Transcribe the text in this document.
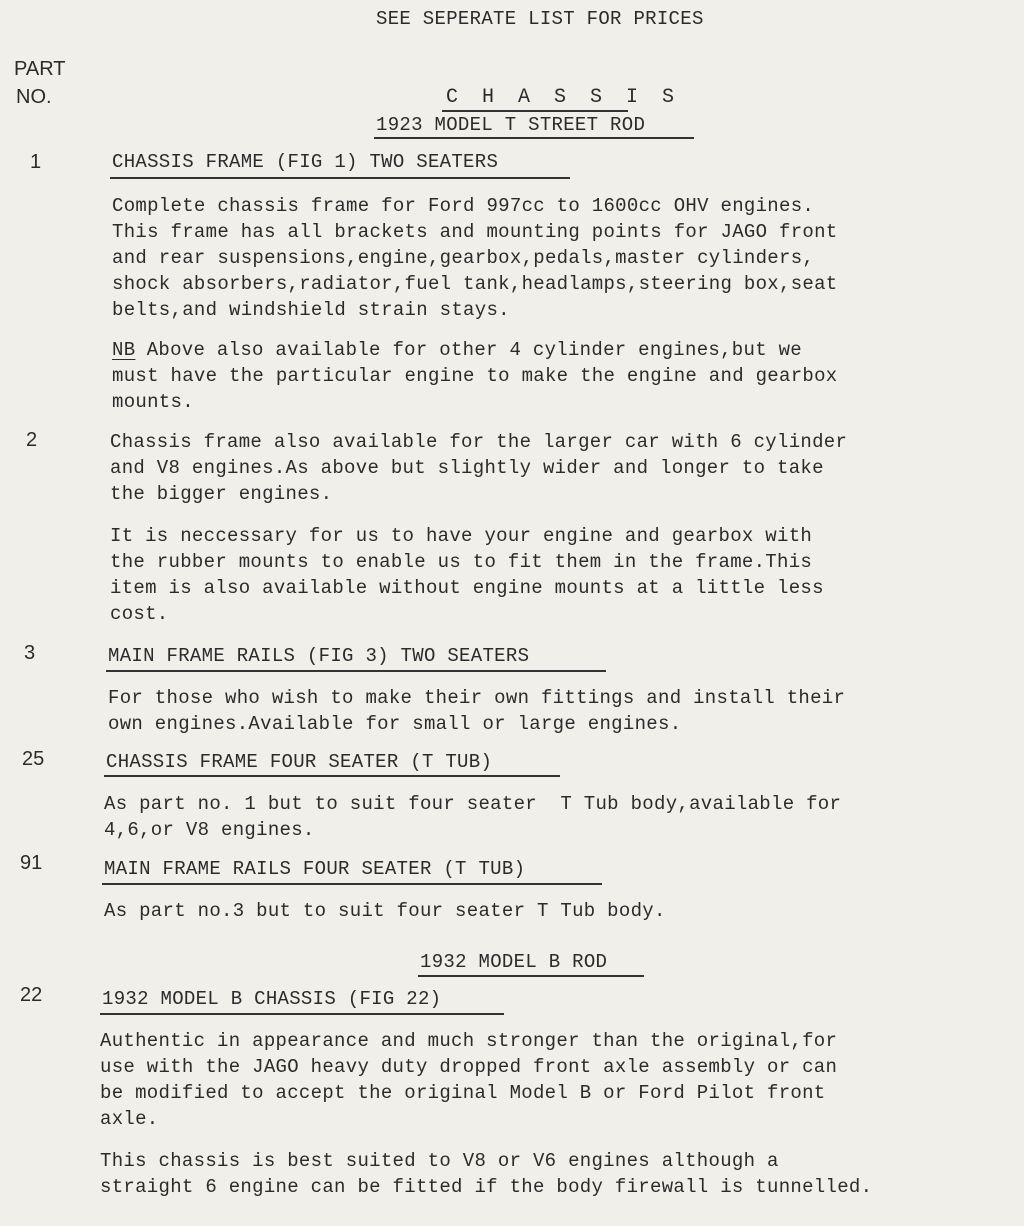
SEE SEPERATE LIST FOR PRICES
PART
NO.	C H A S S I S
1923 MODEL T STREET ROD
1	CHASSIS FRAME (FIG 1) TWO SEATERS
Complete chassis frame for Ford 997cc to 1600cc OHV engines.
This frame has all brackets and mounting points for JAGO front
and rear suspensions,engine,gearbox,pedals,master cylinders,
shock absorbers,radiator,fuel tank,headlamps,steering box,seat
belts,and windshield strain stays.
NB Above also available for other 4 cylinder engines,but we
must have the particular engine to make the engine and gearbox
mounts.
2	Chassis frame also available for the larger car with 6 cylinder
and V8 engines.As above but slightly wider and longer to take
the bigger engines.
It is neccessary for us to have your engine and gearbox with
the rubber mounts to enable us to fit them in the frame.This
item is also available without engine mounts at a little less
cost.
3	MAIN FRAME RAILS (FIG 3) TWO SEATERS
For those who wish to make their own fittings and install their
own engines.Available for small or large engines.
25	CHASSIS FRAME FOUR SEATER (T TUB)
As part no. 1 but to suit four seater  T Tub body,available for
4,6,or V8 engines.
91	MAIN FRAME RAILS FOUR SEATER (T TUB)
As part no.3 but to suit four seater T Tub body.
1932 MODEL B ROD
22	1932 MODEL B CHASSIS (FIG 22)
Authentic in appearance and much stronger than the original,for
use with the JAGO heavy duty dropped front axle assembly or can
be modified to accept the original Model B or Ford Pilot front
axle.
This chassis is best suited to V8 or V6 engines although a
straight 6 engine can be fitted if the body firewall is tunnelled.
